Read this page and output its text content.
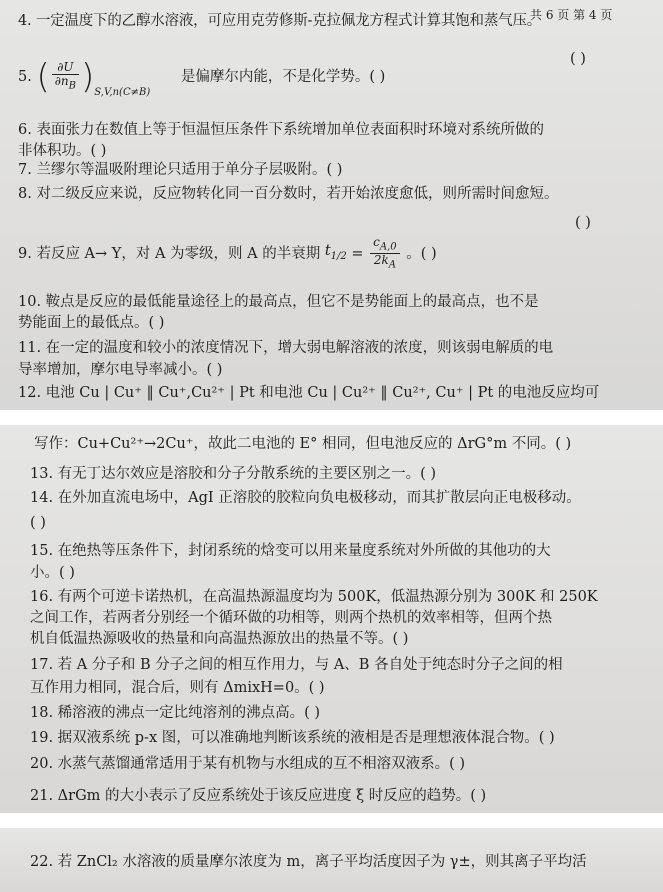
共 6 页 第 4 页
4. 一定温度下的乙醇水溶液，可应用克劳修斯-克拉佩龙方程式计算其饱和蒸气压。
( )
5. ( $\frac{\partial U}{\partial n_B} )_{S,V,n(C\ne B)}$ 是偏摩尔内能，不是化学势。( )
6. 表面张力在数值上等于恒温恒压条件下系统增加单位表面积时环境对系统所做的
非体积功。( )
7. 兰缪尔等温吸附理论只适用于单分子层吸附。( )
8. 对二级反应来说，反应物转化同一百分数时，若开始浓度愈低，则所需时间愈短。
( )
9. 若反应 A→ Y，对 A 为零级，则 A 的半衰期 $t_{1/2} = \frac{c_{A,0}}{2k_A}$ 。( )
10. 鞍点是反应的最低能量途径上的最高点，但它不是势能面上的最高点，也不是
势能面上的最低点。( )
11. 在一定的温度和较小的浓度情况下，增大弱电解溶液的浓度，则该弱电解质的电
导率增加，摩尔电导率减小。( )
12. 电池 Cu | Cu⁺ ‖ Cu⁺,Cu²⁺ | Pt 和电池 Cu | Cu²⁺ ‖ Cu²⁺, Cu⁺ | Pt 的电池反应均可
写作：Cu+Cu²⁺→2Cu⁺，故此二电池的 E° 相同，但电池反应的 ΔrG°m 不同。( )
13. 有无丁达尔效应是溶胶和分子分散系统的主要区别之一。( )
14. 在外加直流电场中，AgI 正溶胶的胶粒向负电极移动，而其扩散层向正电极移动。
( )
15. 在绝热等压条件下，封闭系统的焓变可以用来量度系统对外所做的其他功的大
小。( )
16. 有两个可逆卡诺热机，在高温热源温度均为 500K，低温热源分别为 300K 和 250K
之间工作，若两者分别经一个循环做的功相等，则两个热机的效率相等，但两个热
机自低温热源吸收的热量和向高温热源放出的热量不等。( )
17. 若 A 分子和 B 分子之间的相互作用力，与 A、B 各自处于纯态时分子之间的相
互作用力相同，混合后，则有 ΔmixH=0。( )
18. 稀溶液的沸点一定比纯溶剂的沸点高。( )
19. 据双液系统 p-x 图，可以准确地判断该系统的液相是否是理想液体混合物。( )
20. 水蒸气蒸馏通常适用于某有机物与水组成的互不相溶双液系。( )
21. ΔrGm 的大小表示了反应系统处于该反应进度 ξ 时反应的趋势。( )
22. 若 ZnCl₂ 水溶液的质量摩尔浓度为 m，离子平均活度因子为 γ±，则其离子平均活
